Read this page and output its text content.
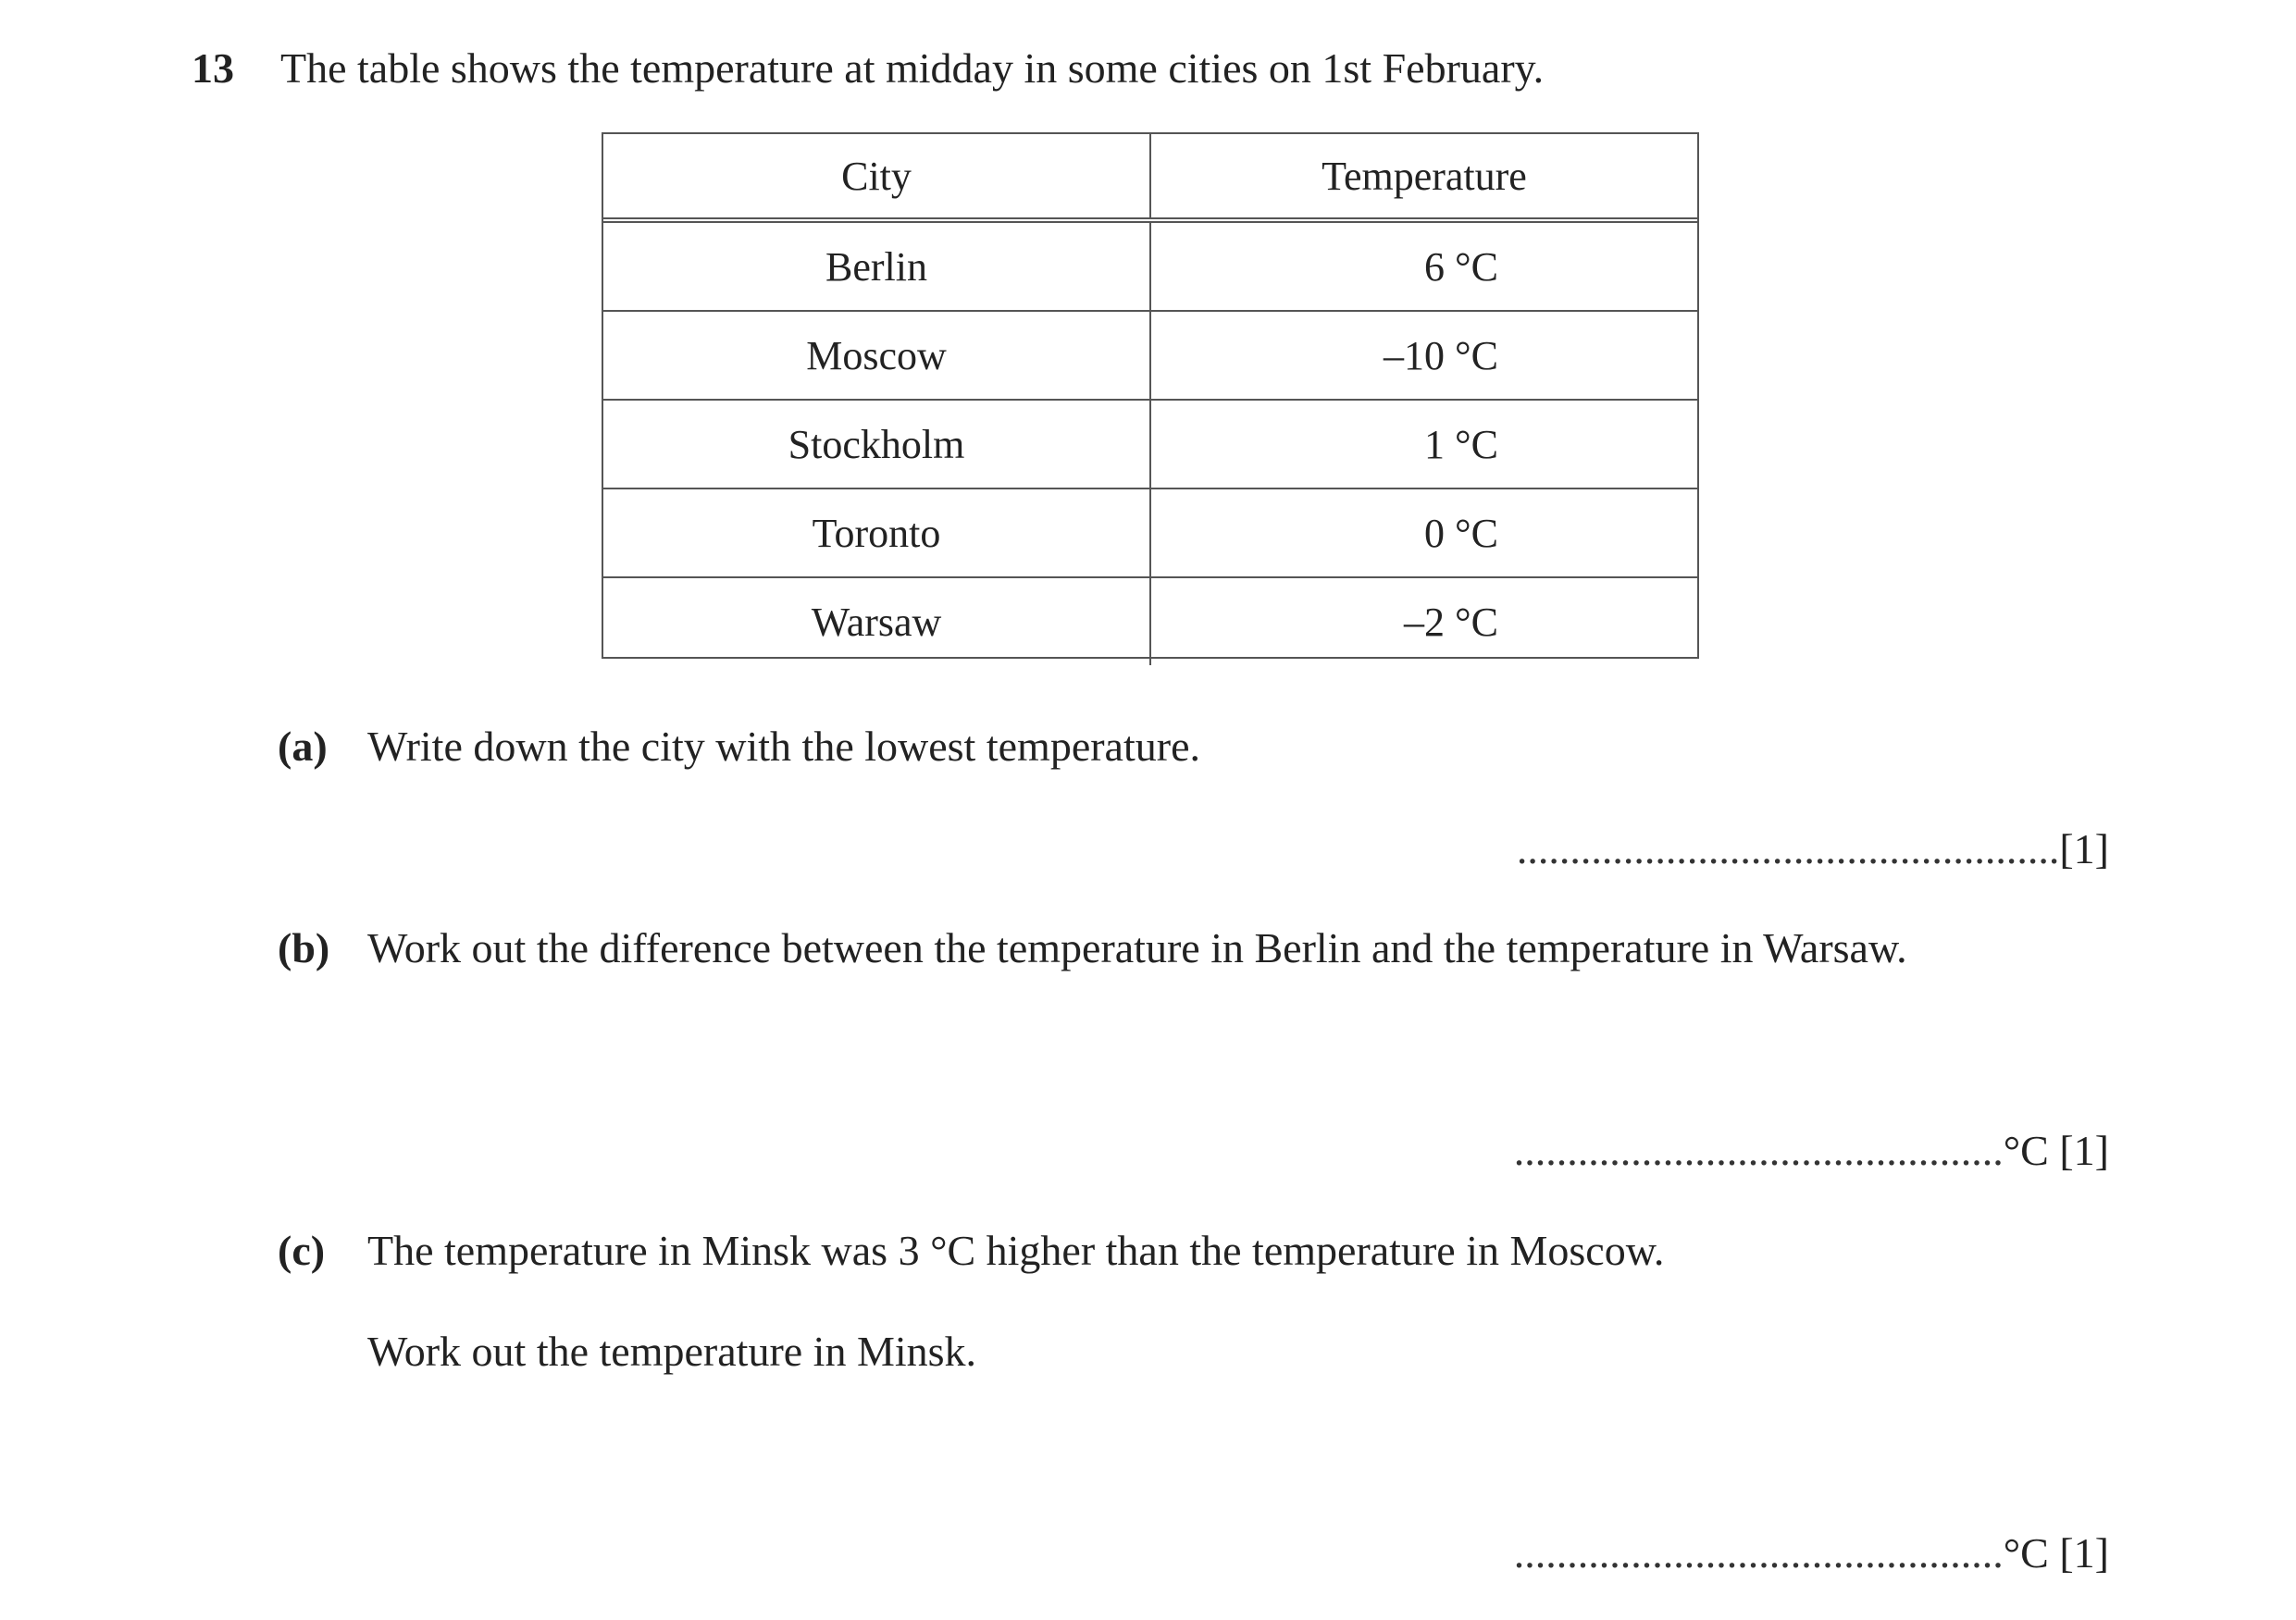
13 The table shows the temperature at midday in some cities on 1st February.
City	Temperature
Berlin	6 °C
Moscow	–10 °C
Stockholm	1 °C
Toronto	0 °C
Warsaw	–2 °C
(a) Write down the city with the lowest temperature.
...................................................[1]
(b) Work out the difference between the temperature in Berlin and the temperature in Warsaw.
..............................................°C [1]
(c) The temperature in Minsk was 3 °C higher than the temperature in Moscow.
Work out the temperature in Minsk.
..............................................°C [1]
